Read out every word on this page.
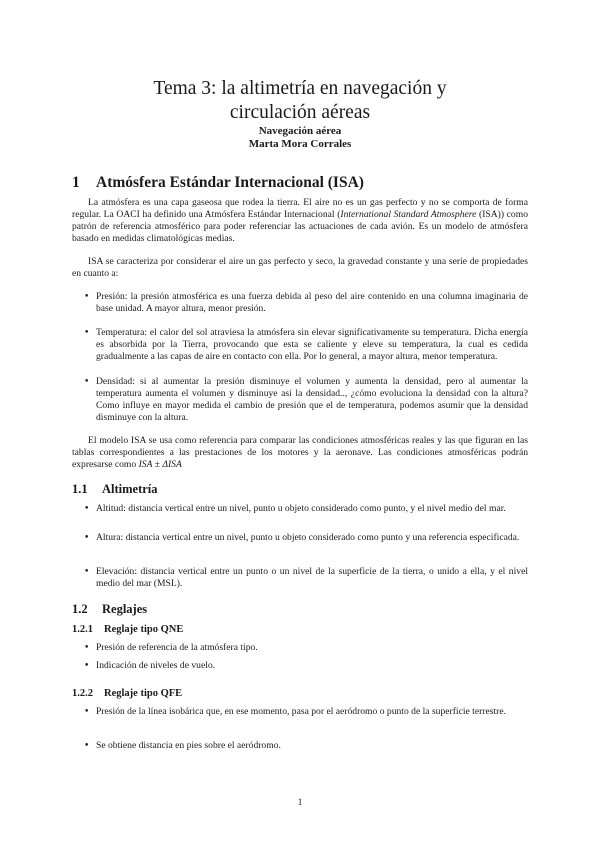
Tema 3: la altimetría en navegación y
circulación aéreas
Navegación aérea
Marta Mora Corrales
1 Atmósfera Estándar Internacional (ISA)
La atmósfera es una capa gaseosa que rodea la tierra. El aire no es un gas perfecto y no se comporta de forma regular. La OACI ha definido una Atmósfera Estándar Internacional (International Standard Atmosphere (ISA)) como patrón de referencia atmosférico para poder referenciar las actuaciones de cada avión. Es un modelo de atmósfera basado en medidas climatológicas medias.
ISA se caracteriza por considerar el aire un gas perfecto y seco, la gravedad constante y una serie de propiedades en cuanto a:
• Presión: la presión atmosférica es una fuerza debida al peso del aire contenido en una columna imaginaria de base unidad. A mayor altura, menor presión.
• Temperatura: el calor del sol atraviesa la atmósfera sin elevar significativamente su temperatura. Dicha energía es absorbida por la Tierra, provocando que esta se caliente y eleve su temperatura, la cual es cedida gradualmente a las capas de aire en contacto con ella. Por lo general, a mayor altura, menor temperatura.
• Densidad: si al aumentar la presión disminuye el volumen y aumenta la densidad, pero al aumentar la temperatura aumenta el volumen y disminuye así la densidad.., ¿cómo evoluciona la densidad con la altura? Como influye en mayor medida el cambio de presión que el de temperatura, podemos asumir que la densidad disminuye con la altura.
El modelo ISA se usa como referencia para comparar las condiciones atmosféricas reales y las que figuran en las tablas correspondientes a las prestaciones de los motores y la aeronave. Las condiciones atmosféricas podrán expresarse como ISA ± ΔISA
1.1 Altimetría
• Altitud: distancia vertical entre un nivel, punto u objeto considerado como punto, y el nivel medio del mar.
• Altura: distancia vertical entre un nivel, punto u objeto considerado como punto y una referencia especificada.
• Elevación: distancia vertical entre un punto o un nivel de la superficie de la tierra, o unido a ella, y el nivel medio del mar (MSL).
1.2 Reglajes
1.2.1 Reglaje tipo QNE
• Presión de referencia de la atmósfera tipo.
• Indicación de niveles de vuelo.
1.2.2 Reglaje tipo QFE
• Presión de la línea isobárica que, en ese momento, pasa por el aeródromo o punto de la superficie terrestre.
• Se obtiene distancia en pies sobre el aeródromo.
1
